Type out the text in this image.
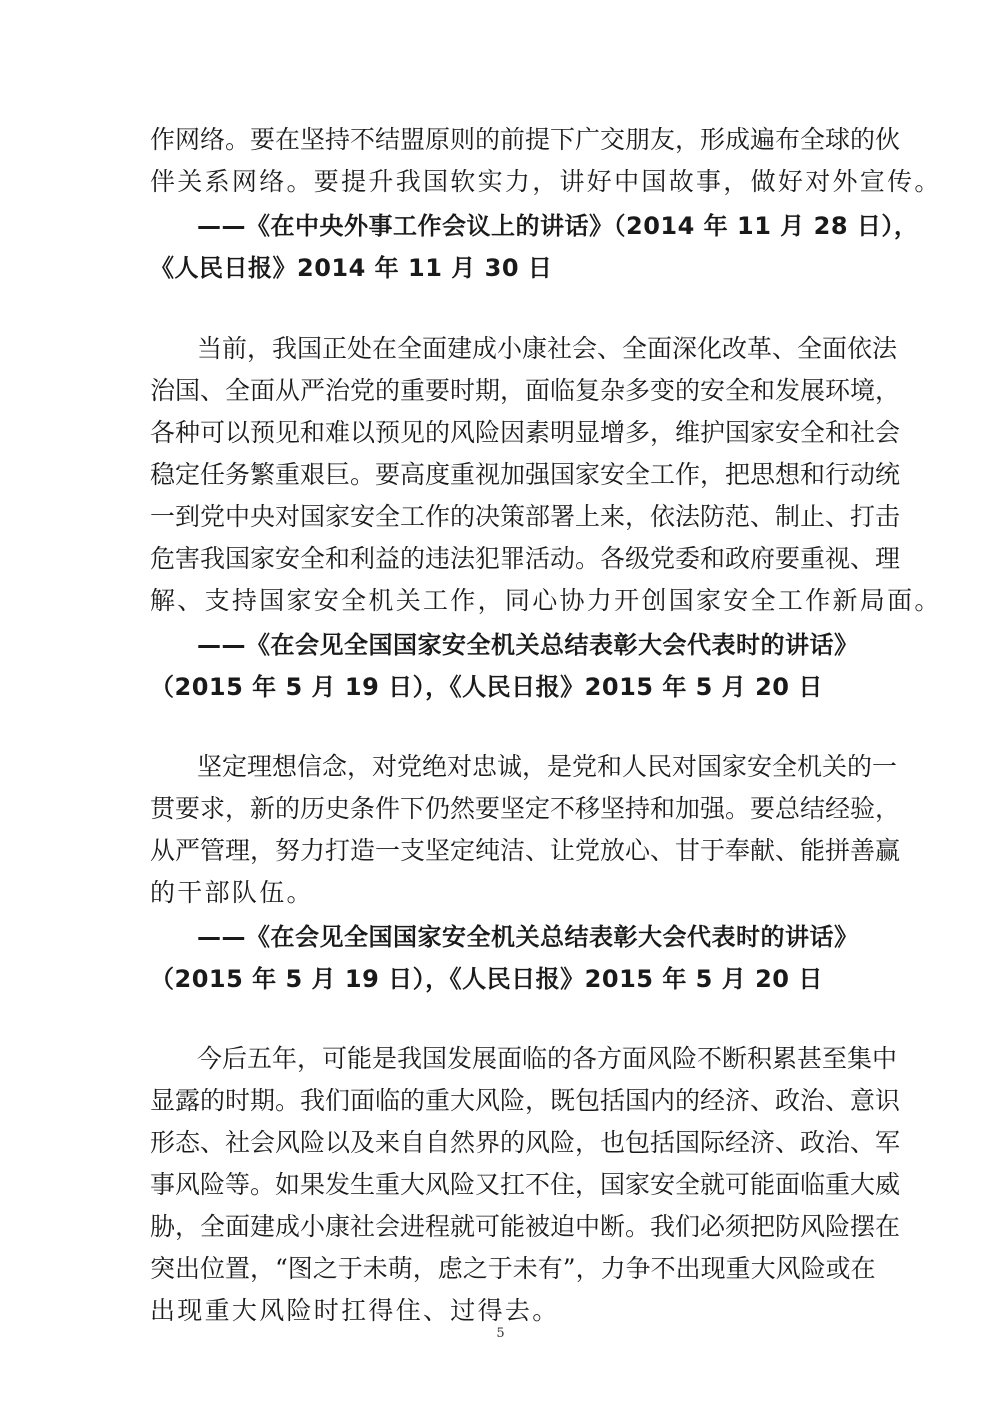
作网络。要在坚持不结盟原则的前提下广交朋友，形成遍布全球的伙
伴关系网络。要提升我国软实力，讲好中国故事，做好对外宣传。
——《在中央外事工作会议上的讲话》（2014 年 11 月 28 日），
《人民日报》2014 年 11 月 30 日
当前，我国正处在全面建成小康社会、全面深化改革、全面依法
治国、全面从严治党的重要时期，面临复杂多变的安全和发展环境，
各种可以预见和难以预见的风险因素明显增多，维护国家安全和社会
稳定任务繁重艰巨。要高度重视加强国家安全工作，把思想和行动统
一到党中央对国家安全工作的决策部署上来，依法防范、制止、打击
危害我国家安全和利益的违法犯罪活动。各级党委和政府要重视、理
解、支持国家安全机关工作，同心协力开创国家安全工作新局面。
——《在会见全国国家安全机关总结表彰大会代表时的讲话》
（2015 年 5 月 19 日），《人民日报》2015 年 5 月 20 日
坚定理想信念，对党绝对忠诚，是党和人民对国家安全机关的一
贯要求，新的历史条件下仍然要坚定不移坚持和加强。要总结经验，
从严管理，努力打造一支坚定纯洁、让党放心、甘于奉献、能拼善赢
的干部队伍。
——《在会见全国国家安全机关总结表彰大会代表时的讲话》
（2015 年 5 月 19 日），《人民日报》2015 年 5 月 20 日
今后五年，可能是我国发展面临的各方面风险不断积累甚至集中
显露的时期。我们面临的重大风险，既包括国内的经济、政治、意识
形态、社会风险以及来自自然界的风险，也包括国际经济、政治、军
事风险等。如果发生重大风险又扛不住，国家安全就可能面临重大威
胁，全面建成小康社会进程就可能被迫中断。我们必须把防风险摆在
突出位置，“图之于未萌，虑之于未有”，力争不出现重大风险或在
出现重大风险时扛得住、过得去。
5
